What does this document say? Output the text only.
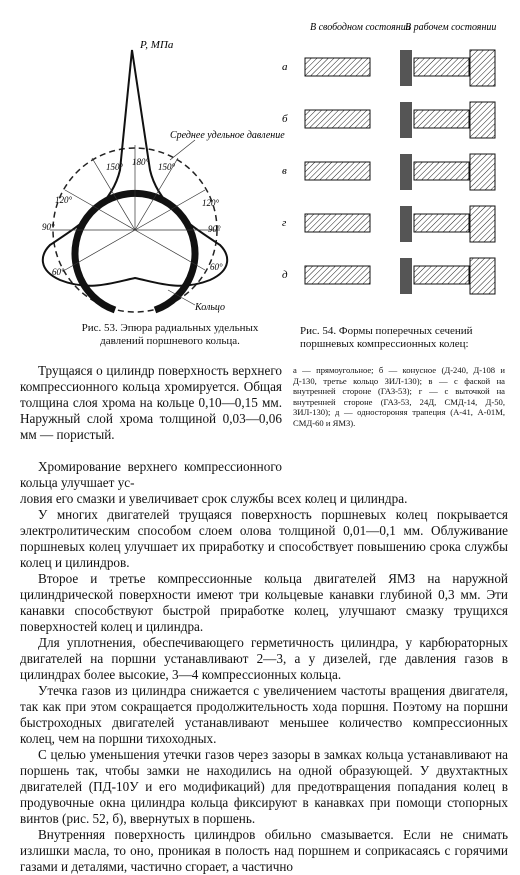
P, МПа
150° 180° 150°
120°
90°
60°	60°
90°
120°
Среднее удельное давление
Кольцо
Рис. 53. Эпюра радиальных удельных давлений поршневого кольца.
В свободном состоянии
В рабочем состоянии
а
б
в
г
д
Рис. 54. Формы поперечных сечений поршневых компрессионных колец:
а — прямоугольное; б — конусное (Д-240, Д-108 и Д-130, третье кольцо ЗИЛ-130); в — с фаской на внутренней стороне (ГАЗ-53); г — с выточкой на внутренней стороне (ГАЗ-53, 24Д, СМД-14, Д-50, ЗИЛ-130); д — одностороняя трапеция (А-41, А-01М, СМД-60 и ЯМЗ).
Трущаяся о цилиндр поверхность верхнего компрессионного кольца хромируется. Общая толщина слоя хрома на кольце 0,10—0,15 мм. Наружный слой хрома толщиной 0,03—0,06 мм — пористый.
Хромирование верхнего компрессионного кольца улучшает ус-
ловия его смазки и увеличивает срок службы всех колец и цилиндра.
У многих двигателей трущаяся поверхность поршневых колец покрывается электролитическим способом слоем олова толщиной 0,01—0,1 мм. Облуживание поршневых колец улучшает их приработку и способствует повышению срока службы колец и цилиндров.
Второе и третье компрессионные кольца двигателей ЯМЗ на наружной цилиндрической поверхности имеют три кольцевые канавки глубиной 0,3 мм. Эти канавки способствуют быстрой приработке колец, улучшают смазку трущихся поверхностей колец и цилиндра.
Для уплотнения, обеспечивающего герметичность цилиндра, у карбюраторных двигателей на поршни устанавливают 2—3, а у дизелей, где давления газов в цилиндрах более высокие, 3—4 компрессионных кольца.
Утечка газов из цилиндра снижается с увеличением частоты вращения двигателя, так как при этом сокращается продолжительность хода поршня. Поэтому на поршни быстроходных двигателей устанавливают меньшее количество компрессионных колец, чем на поршни тихоходных.
С целью уменьшения утечки газов через зазоры в замках кольца устанавливают на поршень так, чтобы замки не находились на одной образующей. У двухтактных двигателей (ПД-10У и его модификаций) для предотвращения попадания колец в продувочные окна цилиндра кольца фиксируют в канавках при помощи стопорных винтов (рис. 52, б), ввернутых в поршень.
Внутренняя поверхность цилиндров обильно смазывается. Если не снимать излишки масла, то оно, проникая в полость над поршнем и соприкасаясь с горячими газами и деталями, частично сгорает, а частично
